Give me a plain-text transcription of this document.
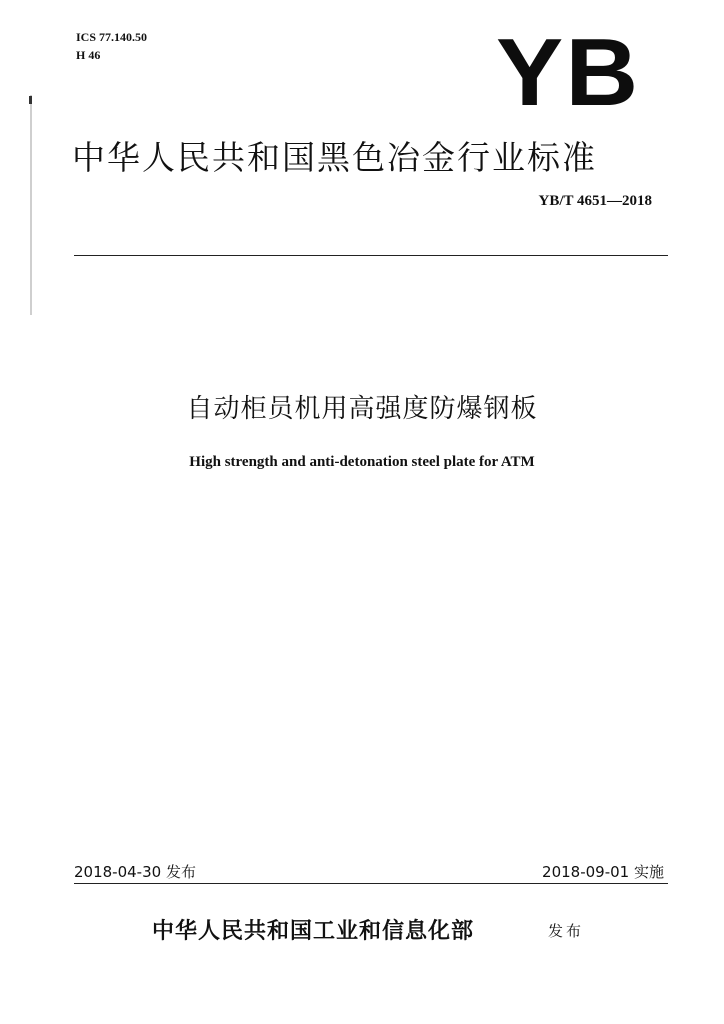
ICS 77.140.50
H 46	YB
中华人民共和国黑色冶金行业标准
YB/T 4651—2018
自动柜员机用高强度防爆钢板
High strength and anti-detonation steel plate for ATM
2018-04-30 发布	2018-09-01 实施
中华人民共和国工业和信息化部	发布
